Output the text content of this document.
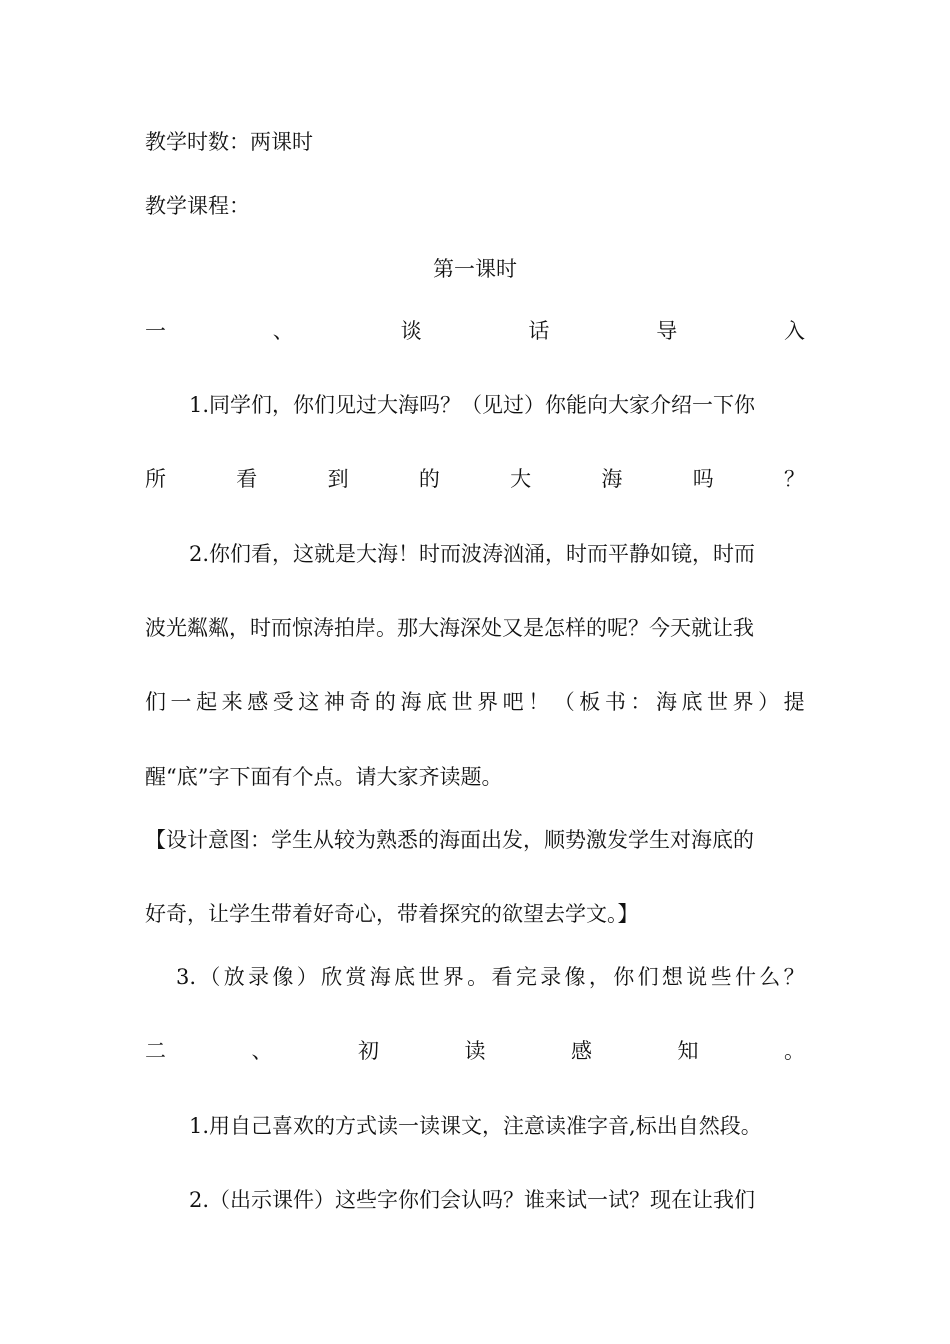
教学时数：两课时
教学课程：
第一课时
一	、	谈	话	导	入
1.同学们，你们见过大海吗？（见过）你能向大家介绍一下你
所	看	到	的	大	海	吗	？
2.你们看，这就是大海！时而波涛汹涌，时而平静如镜，时而
波光粼粼，时而惊涛拍岸。那大海深处又是怎样的呢？今天就让我
们 一 起 来 感 受 这 神 奇 的 海 底 世 界 吧 ！ （ 板 书 ： 海 底 世 界 ） 提
醒“底”字下面有个点。请大家齐读题。
【设计意图：学生从较为熟悉的海面出发，顺势激发学生对海底的
好奇，让学生带着好奇心，带着探究的欲望去学文。】
3. （ 放 录 像 ） 欣 赏 海 底 世 界 。 看 完 录 像 ， 你 们 想 说 些 什 么 ？
二	、	初	读	感	知	。
1.用自己喜欢的方式读一读课文，注意读准字音,标出自然段。
2.（出示课件）这些字你们会认吗？谁来试一试？现在让我们
